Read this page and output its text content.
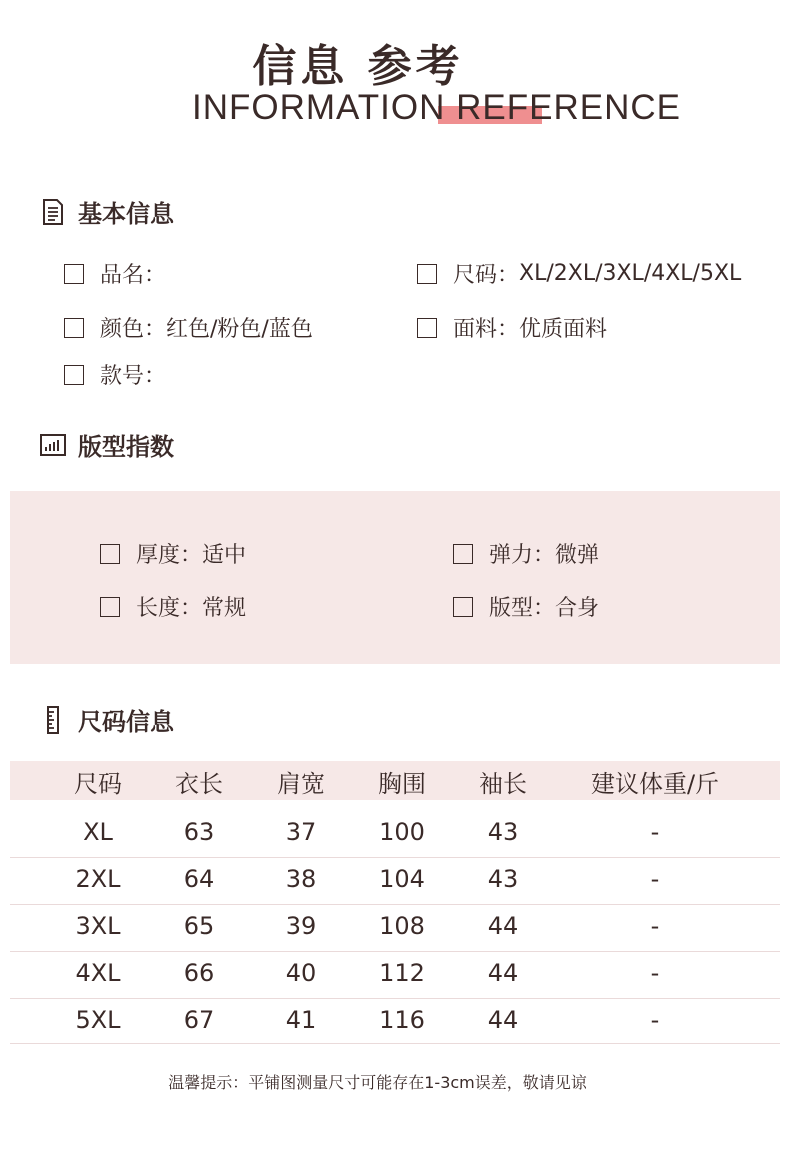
信息 参考
INFORMATION REFERENCE
基本信息
品名：	尺码： XL/2XL/3XL/4XL/5XL
颜色： 红色/粉色/蓝色	面料： 优质面料
款号：
版型指数
厚度： 适中	弹力： 微弹
长度： 常规	版型： 合身
尺码信息
尺码	衣长	肩宽	胸围	袖长	建议体重/斤
XL	63	37	100	43	-
2XL	64	38	104	43	-
3XL	65	39	108	44	-
4XL	66	40	112	44	-
5XL	67	41	116	44	-
温馨提示：平铺图测量尺寸可能存在1-3cm误差，敬请见谅
